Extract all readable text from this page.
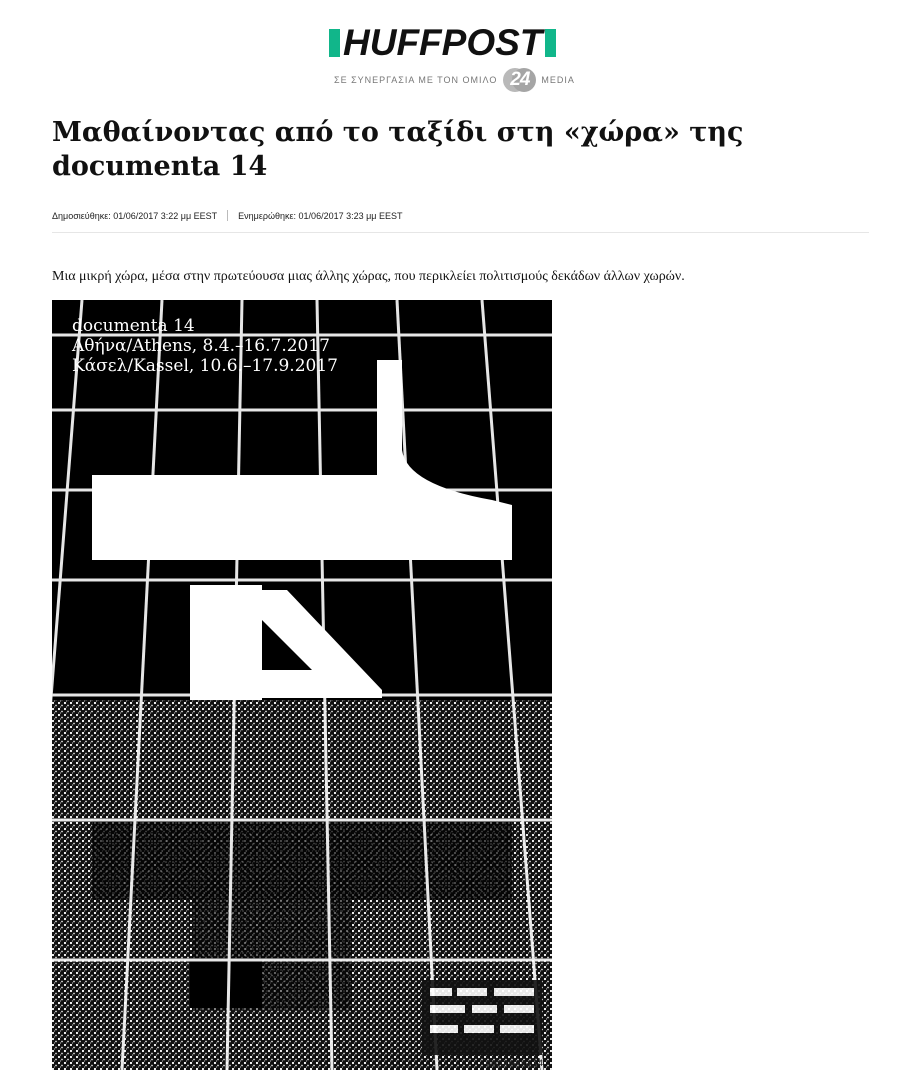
HUFFPOST
ΣΕ ΣΥΝΕΡΓΑΣΙΑ ΜΕ ΤΟΝ ΟΜΙΛΟ 24	MEDIA
Μαθαίνοντας από το ταξίδι στη «χώρα» της documenta 14
Δημοσιεύθηκε: 01/06/2017 3:22 μμ EEST Ενημερώθηκε: 01/06/2017 3:23 μμ EEST
Μια μικρή χώρα, μέσα στην πρωτεύουσα μιας άλλης χώρας, που περικλείει πολιτισμούς δεκάδων άλλων χωρών.
documenta 14
Αθήνα/Athens, 8.4.–16.7.2017
Κάσελ/Kassel, 10.6.–17.9.2017
documenta 14
